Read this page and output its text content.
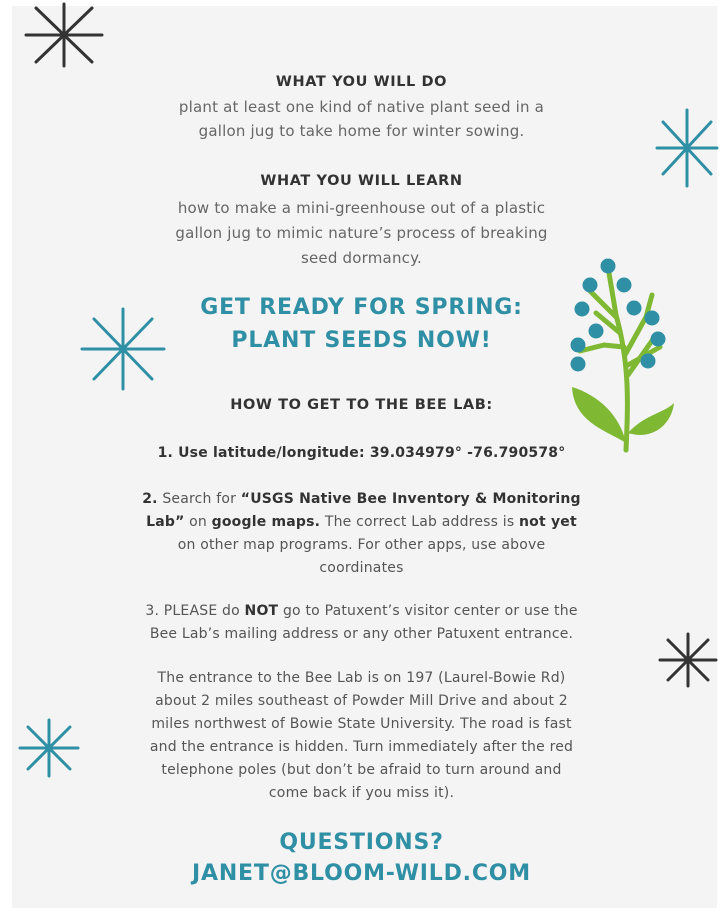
WHAT YOU WILL DO
plant at least one kind of native plant seed in a
gallon jug to take home for winter sowing.
WHAT YOU WILL LEARN
how to make a mini-greenhouse out of a plastic
gallon jug to mimic nature’s process of breaking
seed dormancy.
GET READY FOR SPRING:
PLANT SEEDS NOW!
HOW TO GET TO THE BEE LAB:
1. Use latitude/longitude: 39.034979° -76.790578°
2. Search for “USGS Native Bee Inventory & Monitoring
Lab” on google maps. The correct Lab address is not yet
on other map programs. For other apps, use above
coordinates
3. PLEASE do NOT go to Patuxent’s visitor center or use the
Bee Lab’s mailing address or any other Patuxent entrance.
The entrance to the Bee Lab is on 197 (Laurel-Bowie Rd)
about 2 miles southeast of Powder Mill Drive and about 2
miles northwest of Bowie State University. The road is fast
and the entrance is hidden. Turn immediately after the red
telephone poles (but don’t be afraid to turn around and
come back if you miss it).
QUESTIONS?
JANET@BLOOM-WILD.COM
